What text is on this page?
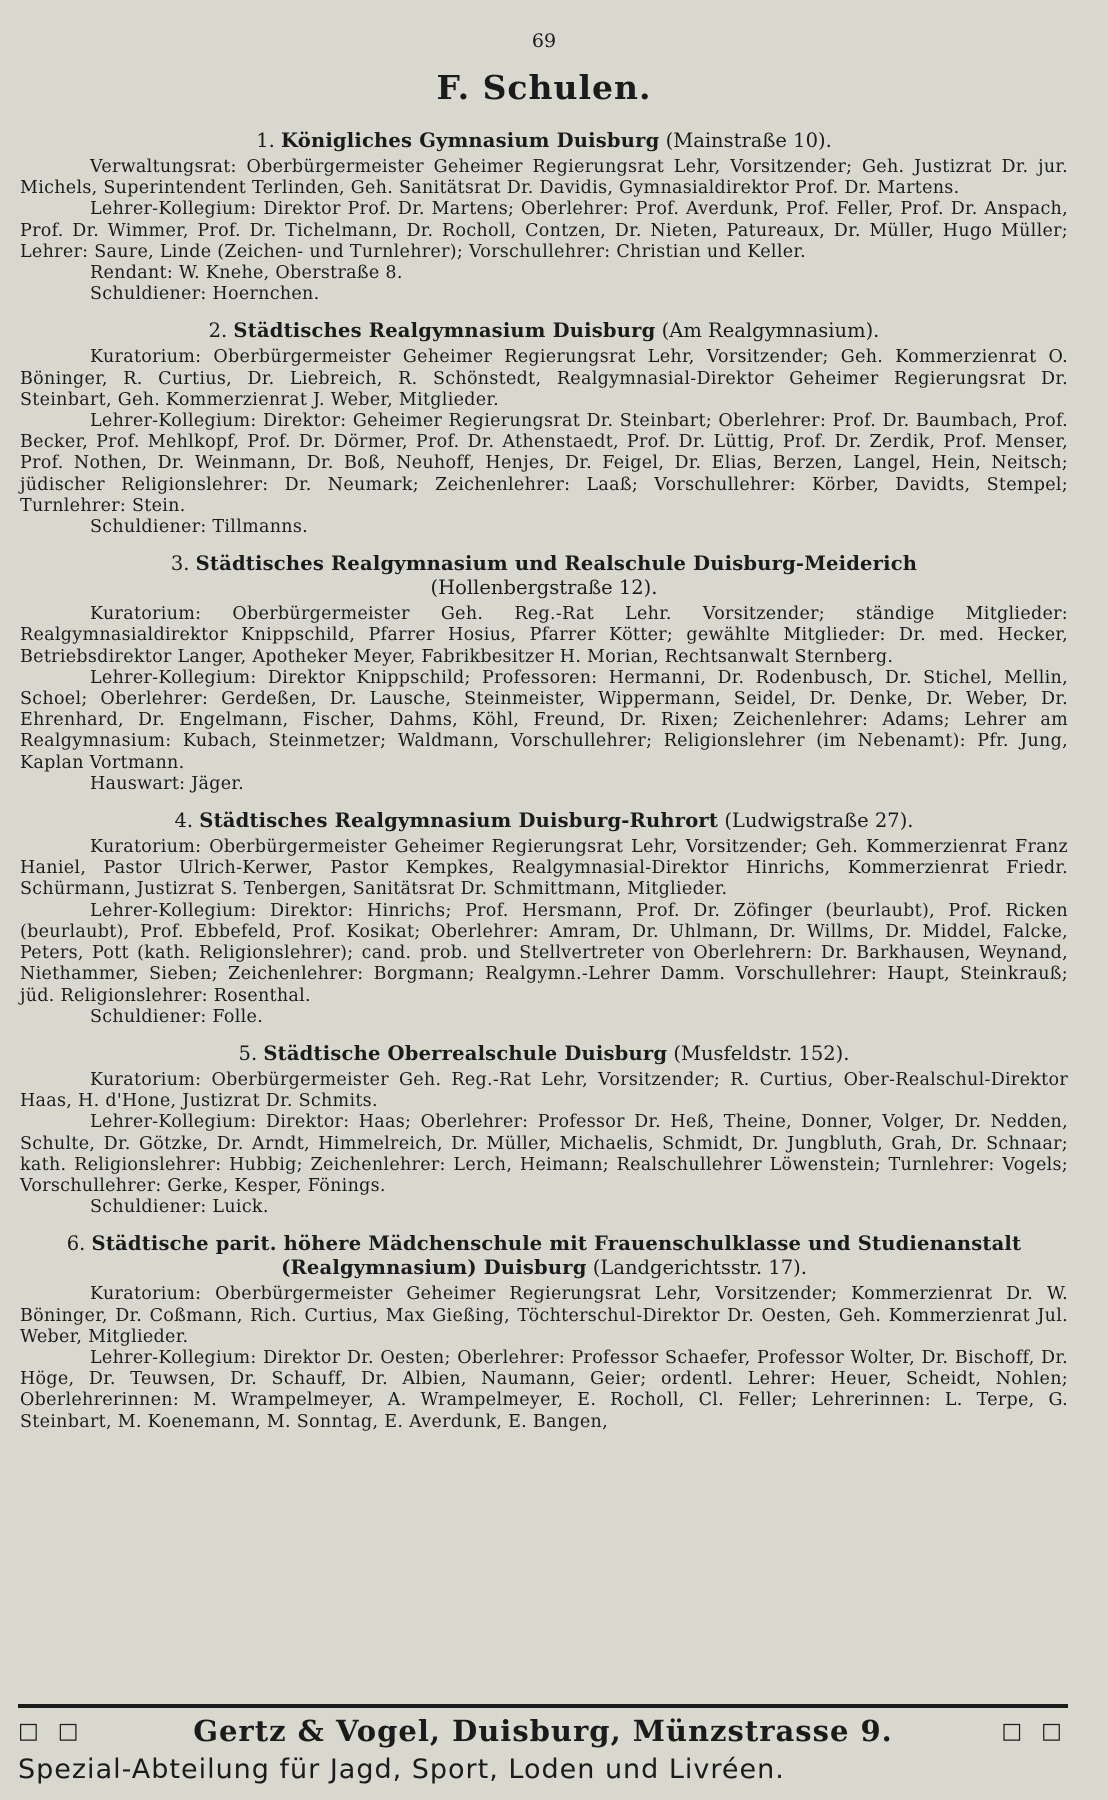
69
F. Schulen.
1. Königliches Gymnasium Duisburg (Mainstraße 10).

Verwaltungsrat: Oberbürgermeister Geheimer Regierungsrat Lehr, Vorsitzender; Geh. Justizrat Dr. jur. Michels, Superintendent Terlinden, Geh. Sanitätsrat Dr. Davidis, Gymnasialdirektor Prof. Dr. Martens.

Lehrer-Kollegium: Direktor Prof. Dr. Martens; Oberlehrer: Prof. Averdunk, Prof. Feller, Prof. Dr. Anspach, Prof. Dr. Wimmer, Prof. Dr. Tichelmann, Dr. Rocholl, Contzen, Dr. Nieten, Patureaux, Dr. Müller, Hugo Müller; Lehrer: Saure, Linde (Zeichen- und Turnlehrer); Vorschullehrer: Christian und Keller.

Rendant: W. Knehe, Oberstraße 8.

Schuldiener: Hoernchen.

2. Städtisches Realgymnasium Duisburg (Am Realgymnasium).

Kuratorium: Oberbürgermeister Geheimer Regierungsrat Lehr, Vorsitzender; Geh. Kommerzienrat O. Böninger, R. Curtius, Dr. Liebreich, R. Schönstedt, Realgymnasial-Direktor Geheimer Regierungsrat Dr. Steinbart, Geh. Kommerzienrat J. Weber, Mitglieder.

Lehrer-Kollegium: Direktor: Geheimer Regierungsrat Dr. Steinbart; Oberlehrer: Prof. Dr. Baumbach, Prof. Becker, Prof. Mehlkopf, Prof. Dr. Dörmer, Prof. Dr. Athenstaedt, Prof. Dr. Lüttig, Prof. Dr. Zerdik, Prof. Menser, Prof. Nothen, Dr. Weinmann, Dr. Boß, Neuhoff, Henjes, Dr. Feigel, Dr. Elias, Berzen, Langel, Hein, Neitsch; jüdischer Religionslehrer: Dr. Neumark; Zeichenlehrer: Laaß; Vorschullehrer: Körber, Davidts, Stempel; Turnlehrer: Stein.

Schuldiener: Tillmanns.

3. Städtisches Realgymnasium und Realschule Duisburg-Meiderich
(Hollenbergstraße 12).

Kuratorium: Oberbürgermeister Geh. Reg.-Rat Lehr. Vorsitzender; ständige Mitglieder: Realgymnasialdirektor Knippschild, Pfarrer Hosius, Pfarrer Kötter; gewählte Mitglieder: Dr. med. Hecker, Betriebsdirektor Langer, Apotheker Meyer, Fabrikbesitzer H. Morian, Rechtsanwalt Sternberg.

Lehrer-Kollegium: Direktor Knippschild; Professoren: Hermanni, Dr. Rodenbusch, Dr. Stichel, Mellin, Schoel; Oberlehrer: Gerdeßen, Dr. Lausche, Steinmeister, Wippermann, Seidel, Dr. Denke, Dr. Weber, Dr. Ehrenhard, Dr. Engelmann, Fischer, Dahms, Köhl, Freund, Dr. Rixen; Zeichenlehrer: Adams; Lehrer am Realgymnasium: Kubach, Steinmetzer; Waldmann, Vorschullehrer; Religionslehrer (im Nebenamt): Pfr. Jung, Kaplan Vortmann.

Hauswart: Jäger.

4. Städtisches Realgymnasium Duisburg-Ruhrort (Ludwigstraße 27).

Kuratorium: Oberbürgermeister Geheimer Regierungsrat Lehr, Vorsitzender; Geh. Kommerzienrat Franz Haniel, Pastor Ulrich-Kerwer, Pastor Kempkes, Realgymnasial-Direktor Hinrichs, Kommerzienrat Friedr. Schürmann, Justizrat S. Tenbergen, Sanitätsrat Dr. Schmittmann, Mitglieder.

Lehrer-Kollegium: Direktor: Hinrichs; Prof. Hersmann, Prof. Dr. Zöfinger (beurlaubt), Prof. Ricken (beurlaubt), Prof. Ebbefeld, Prof. Kosikat; Oberlehrer: Amram, Dr. Uhlmann, Dr. Willms, Dr. Middel, Falcke, Peters, Pott (kath. Religionslehrer); cand. prob. und Stellvertreter von Oberlehrern: Dr. Barkhausen, Weynand, Niethammer, Sieben; Zeichenlehrer: Borgmann; Realgymn.-Lehrer Damm. Vorschullehrer: Haupt, Steinkrauß; jüd. Religionslehrer: Rosenthal.

Schuldiener: Folle.

5. Städtische Oberrealschule Duisburg (Musfeldstr. 152).

Kuratorium: Oberbürgermeister Geh. Reg.-Rat Lehr, Vorsitzender; R. Curtius, Ober-Realschul-Direktor Haas, H. d'Hone, Justizrat Dr. Schmits.

Lehrer-Kollegium: Direktor: Haas; Oberlehrer: Professor Dr. Heß, Theine, Donner, Volger, Dr. Nedden, Schulte, Dr. Götzke, Dr. Arndt, Himmelreich, Dr. Müller, Michaelis, Schmidt, Dr. Jungbluth, Grah, Dr. Schnaar; kath. Religionslehrer: Hubbig; Zeichenlehrer: Lerch, Heimann; Realschullehrer Löwenstein; Turnlehrer: Vogels; Vorschullehrer: Gerke, Kesper, Fönings.

Schuldiener: Luick.

6. Städtische parit. höhere Mädchenschule mit Frauenschulklasse und Studienanstalt (Realgymnasium) Duisburg (Landgerichtsstr. 17).

Kuratorium: Oberbürgermeister Geheimer Regierungsrat Lehr, Vorsitzender; Kommerzienrat Dr. W. Böninger, Dr. Coßmann, Rich. Curtius, Max Gießing, Töchterschul-Direktor Dr. Oesten, Geh. Kommerzienrat Jul. Weber, Mitglieder.

Lehrer-Kollegium: Direktor Dr. Oesten; Oberlehrer: Professor Schaefer, Professor Wolter, Dr. Bischoff, Dr. Höge, Dr. Teuwsen, Dr. Schauff, Dr. Albien, Naumann, Geier; ordentl. Lehrer: Heuer, Scheidt, Nohlen; Oberlehrerinnen: M. Wrampelmeyer, A. Wrampelmeyer, E. Rocholl, Cl. Feller; Lehrerinnen: L. Terpe, G. Steinbart, M. Koenemann, M. Sonntag, E. Averdunk, E. Bangen,

□ □	Gertz & Vogel, Duisburg, Münzstrasse 9.	□ □
Spezial-Abteilung für Jagd, Sport, Loden und Livréen.
